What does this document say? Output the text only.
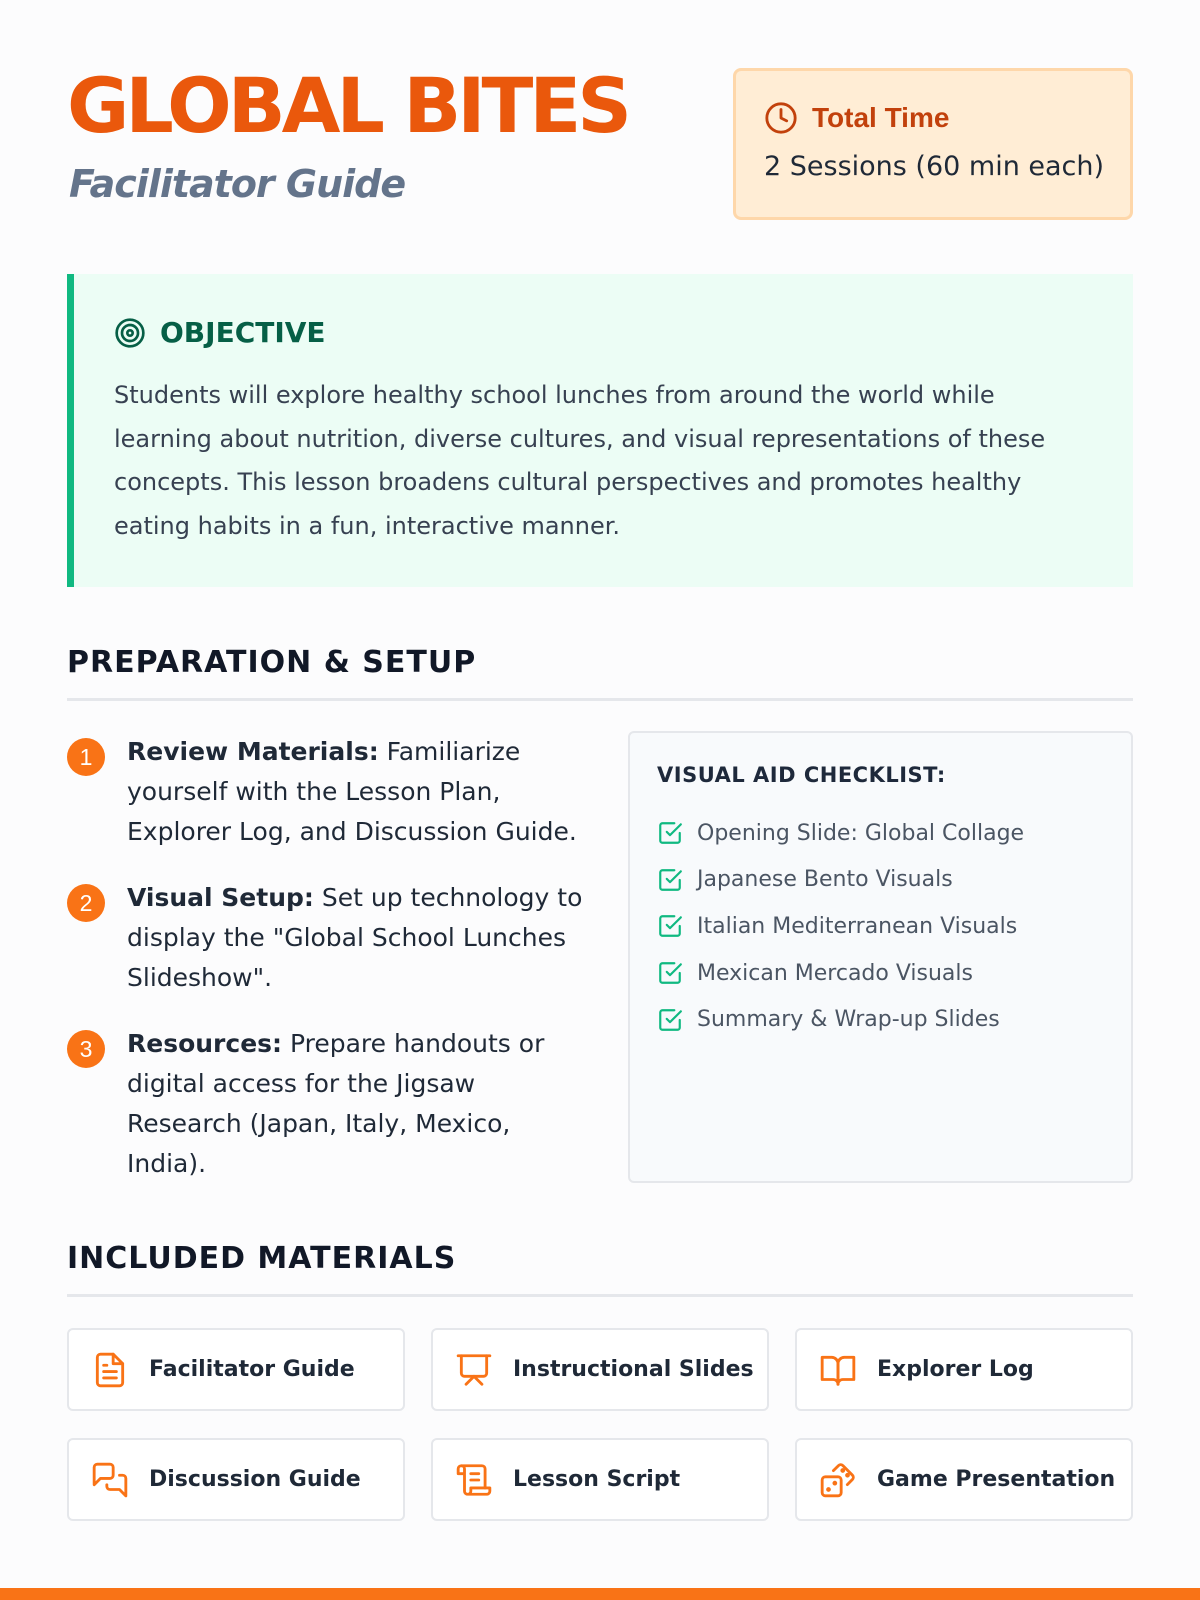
GLOBAL BITES
Facilitator Guide
Total Time
2 Sessions (60 min each)
OBJECTIVE

Students will explore healthy school lunches from around the world while learning about nutrition, diverse cultures, and visual representations of these concepts. This lesson broadens cultural perspectives and promotes healthy eating habits in a fun, interactive manner.

PREPARATION & SETUP
1	Review Materials: Familiarize yourself with the Lesson Plan, Explorer Log, and Discussion Guide.

2	Visual Setup: Set up technology to display the "Global School Lunches Slideshow".

3	Resources: Prepare handouts or digital access for the Jigsaw Research (Japan, Italy, Mexico, India).

VISUAL AID CHECKLIST:
Opening Slide: Global Collage
Japanese Bento Visuals
Italian Mediterranean Visuals
Mexican Mercado Visuals
Summary & Wrap-up Slides
INCLUDED MATERIALS
Facilitator Guide	Instructional Slides	Explorer Log
Discussion Guide	Lesson Script	Game Presentation
